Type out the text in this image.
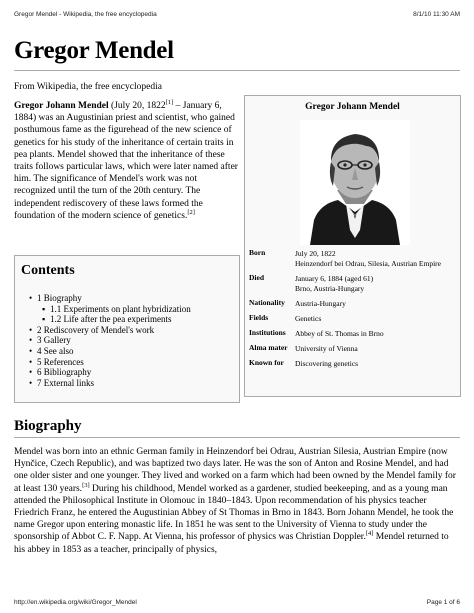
Gregor Mendel - Wikipedia, the free encyclopedia	8/1/10 11:30 AM
Gregor Mendel
From Wikipedia, the free encyclopedia
Gregor Johann Mendel (July 20, 1822[1] – January 6, 1884) was an Augustinian priest and scientist, who gained posthumous fame as the figurehead of the new science of genetics for his study of the inheritance of certain traits in pea plants. Mendel showed that the inheritance of these traits follows particular laws, which were later named after him. The significance of Mendel's work was not recognized until the turn of the 20th century. The independent rediscovery of these laws formed the foundation of the modern science of genetics.[2]
Gregor Johann Mendel
Born	July 20, 1822
Heinzendorf bei Odrau, Silesia, Austrian Empire
Died	January 6, 1884 (aged 61)
Brno, Austria-Hungary
Nationality	Austria-Hungary
Fields	Genetics
Institutions	Abbey of St. Thomas in Brno
Alma mater	University of Vienna
Known for	Discovering genetics
Contents
• 1 Biography
▪ 1.1 Experiments on plant hybridization
▪ 1.2 Life after the pea experiments
• 2 Rediscovery of Mendel's work
• 3 Gallery
• 4 See also
• 5 References
• 6 Bibliography
• 7 External links
Biography

Mendel was born into an ethnic German family in Heinzendorf bei Odrau, Austrian Silesia, Austrian Empire (now Hynčice, Czech Republic), and was baptized two days later. He was the son of Anton and Rosine Mendel, and had one older sister and one younger. They lived and worked on a farm which had been owned by the Mendel family for at least 130 years.[3] During his childhood, Mendel worked as a gardener, studied beekeeping, and as a young man attended the Philosophical Institute in Olomouc in 1840–1843. Upon recommendation of his physics teacher Friedrich Franz, he entered the Augustinian Abbey of St Thomas in Brno in 1843. Born Johann Mendel, he took the name Gregor upon entering monastic life. In 1851 he was sent to the University of Vienna to study under the sponsorship of Abbot C. F. Napp. At Vienna, his professor of physics was Christian Doppler.[4] Mendel returned to his abbey in 1853 as a teacher, principally of physics,

http://en.wikipedia.org/wiki/Gregor_Mendel	Page 1 of 6
